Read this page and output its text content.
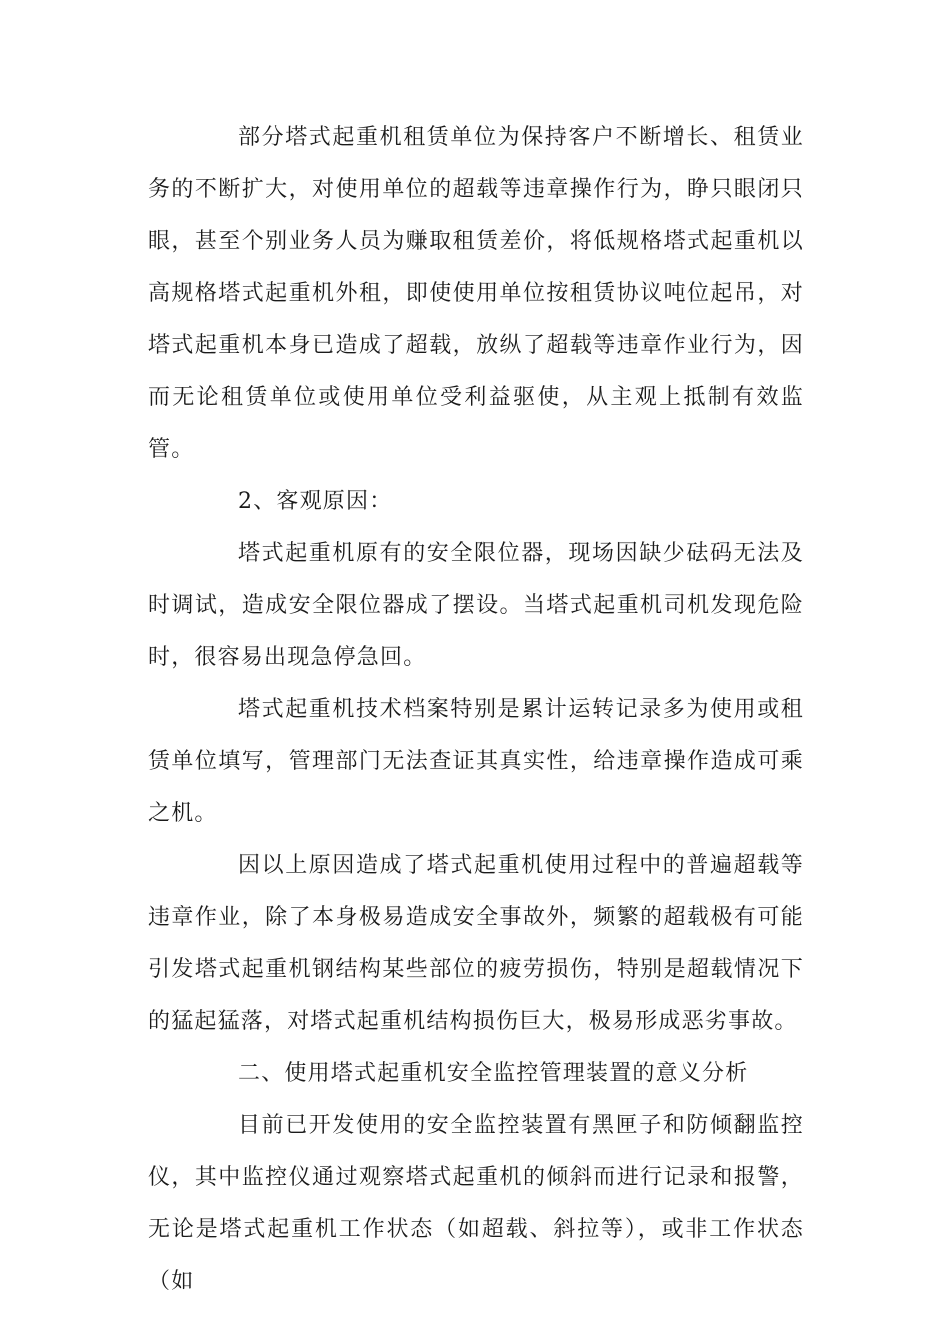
部分塔式起重机租赁单位为保持客户不断增长、租赁业务的不断扩大，对使用单位的超载等违章操作行为，睁只眼闭只眼，甚至个别业务人员为赚取租赁差价，将低规格塔式起重机以高规格塔式起重机外租，即使使用单位按租赁协议吨位起吊，对塔式起重机本身已造成了超载，放纵了超载等违章作业行为，因而无论租赁单位或使用单位受利益驱使，从主观上抵制有效监管。

2、客观原因：

塔式起重机原有的安全限位器，现场因缺少砝码无法及时调试，造成安全限位器成了摆设。当塔式起重机司机发现危险时，很容易出现急停急回。

塔式起重机技术档案特别是累计运转记录多为使用或租赁单位填写，管理部门无法查证其真实性，给违章操作造成可乘之机。

因以上原因造成了塔式起重机使用过程中的普遍超载等违章作业，除了本身极易造成安全事故外，频繁的超载极有可能引发塔式起重机钢结构某些部位的疲劳损伤，特别是超载情况下的猛起猛落，对塔式起重机结构损伤巨大，极易形成恶劣事故。

二、使用塔式起重机安全监控管理装置的意义分析

目前已开发使用的安全监控装置有黑匣子和防倾翻监控仪，其中监控仪通过观察塔式起重机的倾斜而进行记录和报警，无论是塔式起重机工作状态（如超载、斜拉等），或非工作状态（如
